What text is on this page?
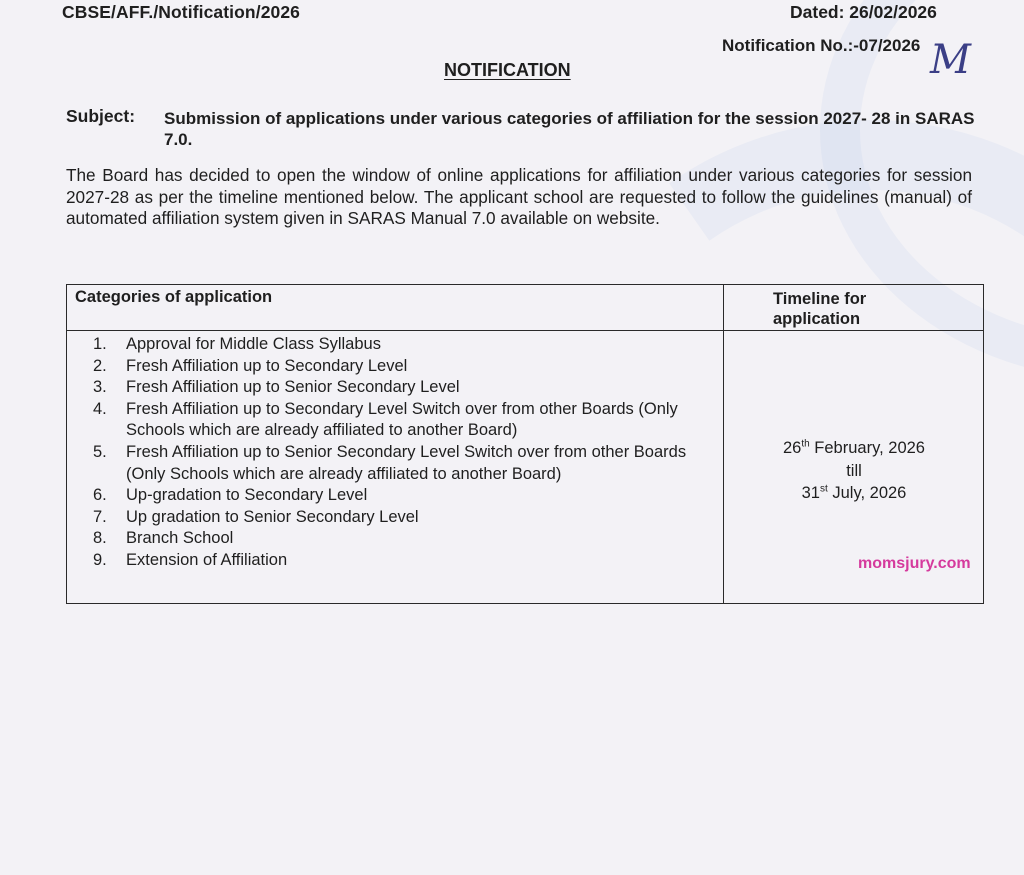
CBSE/AFF./Notification/2026	Dated: 26/02/2026
Notification No.:-07/2026 M
NOTIFICATION
Subject: Submission of applications under various categories of affiliation for the session 2027- 28 in SARAS 7.0.
The Board has decided to open the window of online applications for affiliation under various categories for session 2027-28 as per the timeline mentioned below. The applicant school are requested to follow the guidelines (manual) of automated affiliation system given in SARAS Manual 7.0 available on website.
Categories of application	Timeline for application
1.	Approval for Middle Class Syllabus
2.	Fresh Affiliation up to Secondary Level
3.	Fresh Affiliation up to Senior Secondary Level
4.	Fresh Affiliation up to Secondary Level Switch over from other Boards (Only Schools which are already affiliated to another Board)
5.	Fresh Affiliation up to Senior Secondary Level Switch over from other Boards (Only Schools which are already affiliated to another Board)
6.	Up-gradation to Secondary Level
7.	Up gradation to Senior Secondary Level
8.	Branch School
9.	Extension of Affiliation
26th February, 2026
till
31st July, 2026
momsjury.com
